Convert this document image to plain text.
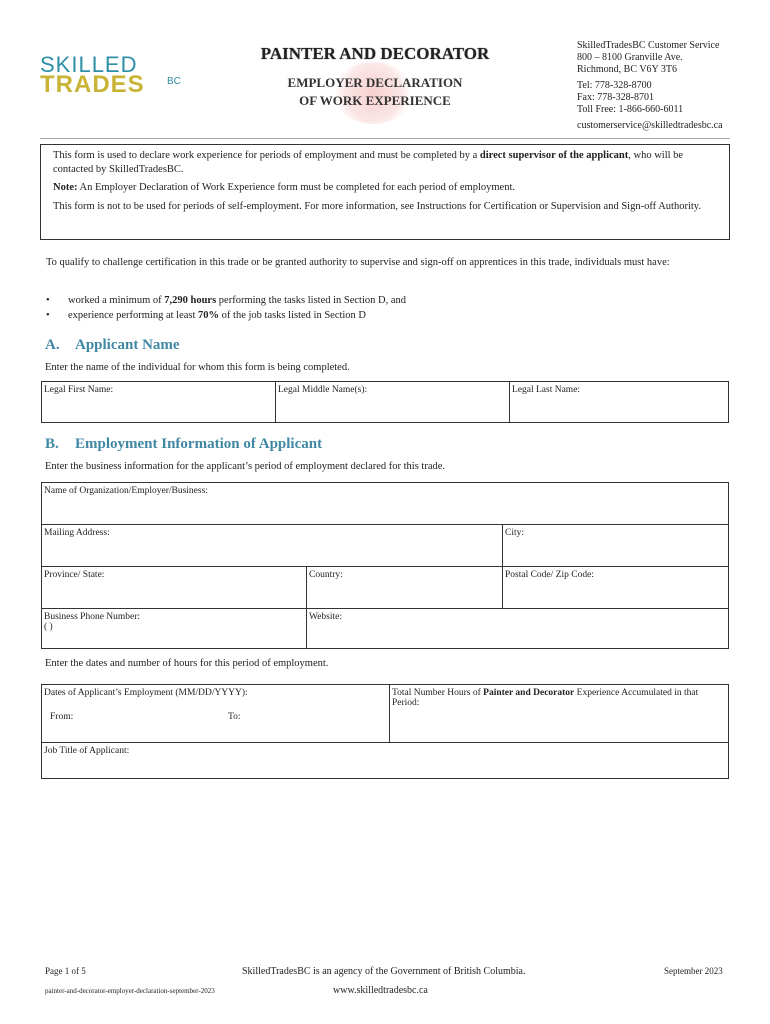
SKILLED
TRADES BC
PAINTER AND DECORATOR
EMPLOYER DECLARATION
OF WORK EXPERIENCE
SkilledTradesBC Customer Service
800 – 8100 Granville Ave.
Richmond, BC V6Y 3T6
Tel: 778-328-8700
Fax: 778-328-8701
Toll Free: 1-866-660-6011
customerservice@skilledtradesbc.ca

This form is used to declare work experience for periods of employment and must be completed by a direct supervisor of the applicant, who will be contacted by SkilledTradesBC.

Note: An Employer Declaration of Work Experience form must be completed for each period of employment.

This form is not to be used for periods of self-employment. For more information, see Instructions for Certification or Supervision and Sign-off Authority.

To qualify to challenge certification in this trade or be granted authority to supervise and sign-off on apprentices in this trade, individuals must have:
• worked a minimum of 7,290 hours performing the tasks listed in Section D, and
• experience performing at least 70% of the job tasks listed in Section D
A. Applicant Name
Enter the name of the individual for whom this form is being completed.
Legal First Name:	Legal Middle Name(s):	Legal Last Name:
B. Employment Information of Applicant
Enter the business information for the applicant’s period of employment declared for this trade.
Name of Organization/Employer/Business:		
Mailing Address:		City:
Province/ State:	Country:	Postal Code/ Zip Code:
Business Phone Number:
( )	Website:	
Enter the dates and number of hours for this period of employment.
Dates of Applicant’s Employment (MM/DD/YYYY):
From:	To:
	Total Number Hours of Painter and Decorator Experience Accumulated in that Period:
Job Title of Applicant:
Page 1 of 5	SkilledTradesBC is an agency of the Government of British Columbia.	September 2023
painter-and-decorator-employer-declaration-september-2023	www.skilledtradesbc.ca
